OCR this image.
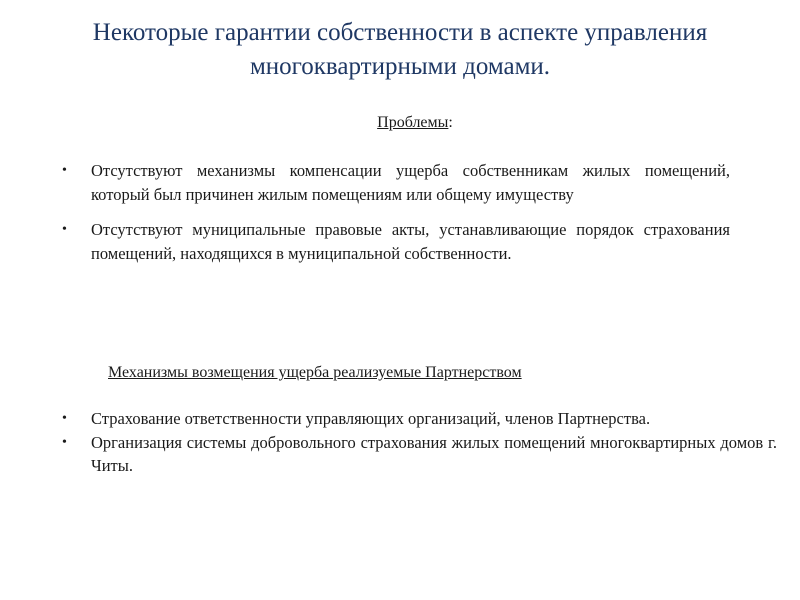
Некоторые гарантии собственности в аспекте управления многоквартирными домами.

Проблемы:

• Отсутствуют механизмы компенсации ущерба собственникам жилых помещений, который был причинен жилым помещениям или общему имуществу
• Отсутствуют муниципальные правовые акты, устанавливающие порядок страхования помещений, находящихся в муниципальной собственности.

Механизмы возмещения ущерба реализуемые Партнерством

• Страхование ответственности управляющих организаций, членов Партнерства.
• Организация системы добровольного страхования жилых помещений многоквартирных домов г. Читы.
